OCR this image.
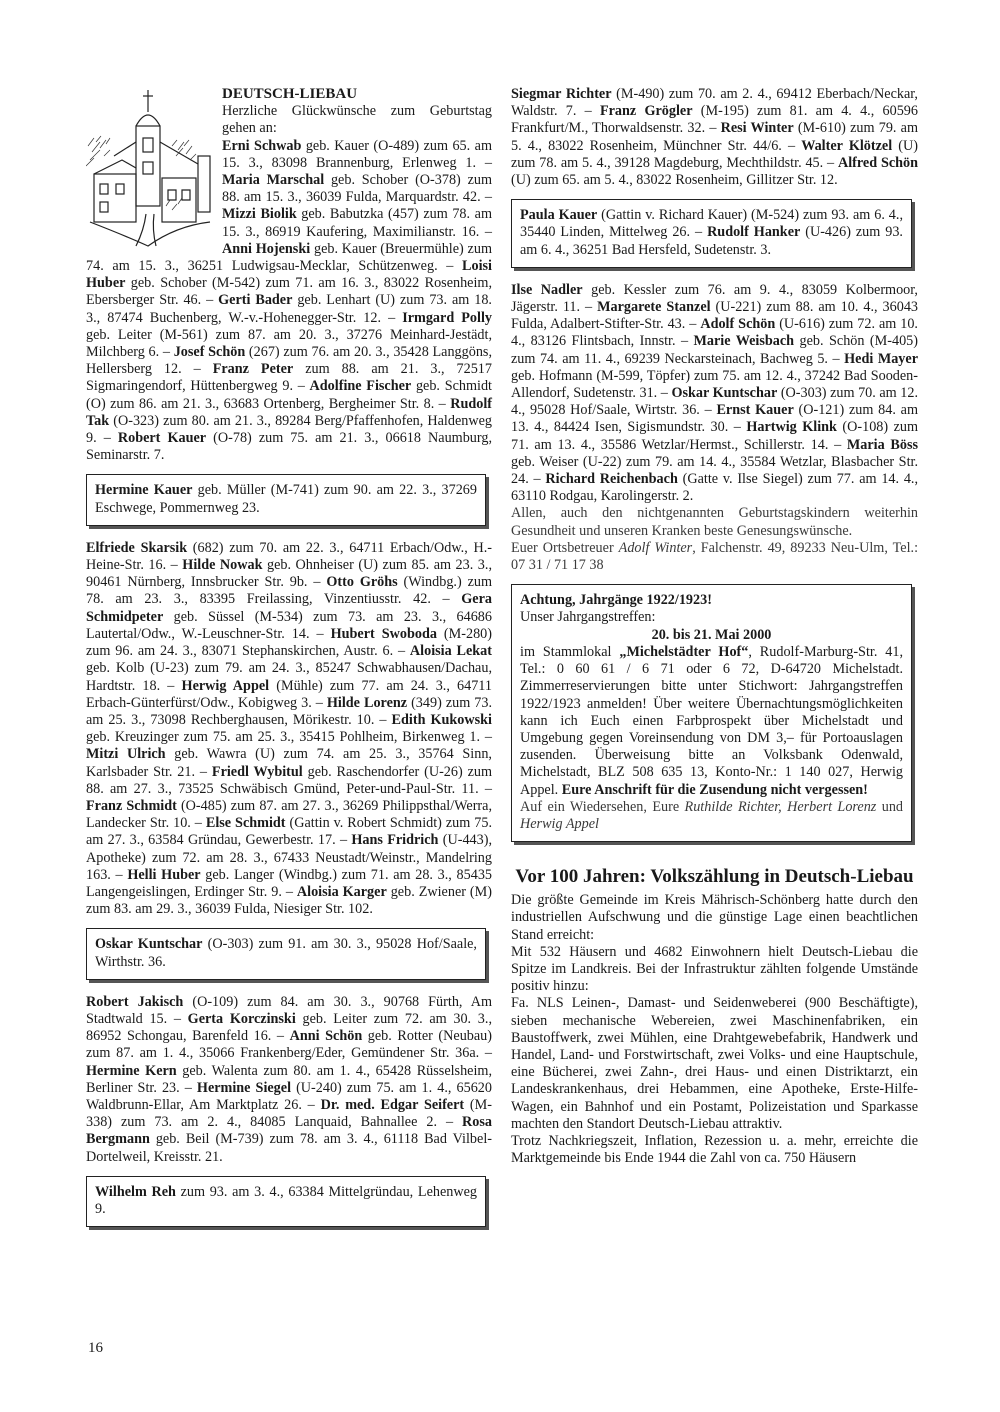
DEUTSCH-LIEBAU

Herzliche Glückwünsche zum Geburtstag gehen an:

Erni Schwab geb. Kauer (O-489) zum 65. am 15. 3., 83098 Brannenburg, Erlenweg 1. – Maria Marschal geb. Schober (O-378) zum 88. am 15. 3., 36039 Fulda, Marquardstr. 42. – Mizzi Biolik geb. Babutzka (457) zum 78. am 15. 3., 86919 Kaufering, Maximilianstr. 16. – Anni Hojenski geb. Kauer (Breuermühle) zum 74. am 15. 3., 36251 Ludwigsau-Mecklar, Schützenweg. – Loisi Huber geb. Schober (M-542) zum 71. am 16. 3., 83022 Rosenheim, Ebersberger Str. 46. – Gerti Bader geb. Lenhart (U) zum 73. am 18. 3., 87474 Buchenberg, W.-v.-Hohenegger-Str. 12. – Irmgard Polly geb. Leiter (M-561) zum 87. am 20. 3., 37276 Meinhard-Jestädt, Milchberg 6. – Josef Schön (267) zum 76. am 20. 3., 35428 Langgöns, Hellersberg 12. – Franz Peter zum 88. am 21. 3., 72517 Sigmaringendorf, Hüttenbergweg 9. – Adolfine Fischer geb. Schmidt (O) zum 86. am 21. 3., 63683 Ortenberg, Bergheimer Str. 8. – Rudolf Tak (O-323) zum 80. am 21. 3., 89284 Berg/Pfaffenhofen, Haldenweg 9. – Robert Kauer (O-78) zum 75. am 21. 3., 06618 Naumburg, Seminarstr. 7.

Hermine Kauer geb. Müller (M-741) zum 90. am 22. 3., 37269 Eschwege, Pommernweg 23.

Elfriede Skarsik (682) zum 70. am 22. 3., 64711 Erbach/Odw., H.-Heine-Str. 16. – Hilde Nowak geb. Ohnheiser (U) zum 85. am 23. 3., 90461 Nürnberg, Innsbrucker Str. 9b. – Otto Gröhs (Windbg.) zum 78. am 23. 3., 83395 Freilassing, Vinzentiusstr. 42. – Gera Schmidpeter geb. Süssel (M-534) zum 73. am 23. 3., 64686 Lautertal/Odw., W.-Leuschner-Str. 14. – Hubert Swoboda (M-280) zum 96. am 24. 3., 83071 Stephanskirchen, Austr. 6. – Aloisia Lekat geb. Kolb (U-23) zum 79. am 24. 3., 85247 Schwabhausen/Dachau, Hardtstr. 18. – Herwig Appel (Mühle) zum 77. am 24. 3., 64711 Erbach-Günterfürst/Odw., Kobigweg 3. – Hilde Lorenz (349) zum 73. am 25. 3., 73098 Rechberghausen, Mörikestr. 10. – Edith Kukowski geb. Kreuzinger zum 75. am 25. 3., 35415 Pohlheim, Birkenweg 1. – Mitzi Ulrich geb. Wawra (U) zum 74. am 25. 3., 35764 Sinn, Karlsbader Str. 21. – Friedl Wybitul geb. Raschendorfer (U-26) zum 88. am 27. 3., 73525 Schwäbisch Gmünd, Peter-und-Paul-Str. 11. – Franz Schmidt (O-485) zum 87. am 27. 3., 36269 Philippsthal/Werra, Landecker Str. 10. – Else Schmidt (Gattin v. Robert Schmidt) zum 75. am 27. 3., 63584 Gründau, Gewerbestr. 17. – Hans Fridrich (U-443), Apotheke) zum 72. am 28. 3., 67433 Neustadt/Weinstr., Mandelring 163. – Helli Huber geb. Langer (Windbg.) zum 71. am 28. 3., 85435 Langengeislingen, Erdinger Str. 9. – Aloisia Karger geb. Zwiener (M) zum 83. am 29. 3., 36039 Fulda, Niesiger Str. 102.

Oskar Kuntschar (O-303) zum 91. am 30. 3., 95028 Hof/Saale, Wirthstr. 36.

Robert Jakisch (O-109) zum 84. am 30. 3., 90768 Fürth, Am Stadtwald 15. – Gerta Korczinski geb. Leiter zum 72. am 30. 3., 86952 Schongau, Barenfeld 16. – Anni Schön geb. Rotter (Neubau) zum 87. am 1. 4., 35066 Frankenberg/Eder, Gemündener Str. 36a. – Hermine Kern geb. Walenta zum 80. am 1. 4., 65428 Rüsselsheim, Berliner Str. 23. – Hermine Siegel (U-240) zum 75. am 1. 4., 65620 Waldbrunn-Ellar, Am Marktplatz 26. – Dr. med. Edgar Seifert (M-338) zum 73. am 2. 4., 84085 Lanquaid, Bahnallee 2. – Rosa Bergmann geb. Beil (M-739) zum 78. am 3. 4., 61118 Bad Vilbel-Dortelweil, Kreisstr. 21.

Wilhelm Reh zum 93. am 3. 4., 63384 Mittelgründau, Lehenweg 9.

Siegmar Richter (M-490) zum 70. am 2. 4., 69412 Eberbach/Neckar, Waldstr. 7. – Franz Grögler (M-195) zum 81. am 4. 4., 60596 Frankfurt/M., Thorwaldsenstr. 32. – Resi Winter (M-610) zum 79. am 5. 4., 83022 Rosenheim, Münchner Str. 44/6. – Walter Klötzel (U) zum 78. am 5. 4., 39128 Magdeburg, Mechthildstr. 45. – Alfred Schön (U) zum 65. am 5. 4., 83022 Rosenheim, Gillitzer Str. 12.

Paula Kauer (Gattin v. Richard Kauer) (M-524) zum 93. am 6. 4., 35440 Linden, Mittelweg 26. – Rudolf Hanker (U-426) zum 93. am 6. 4., 36251 Bad Hersfeld, Sudetenstr. 3.

Ilse Nadler geb. Kessler zum 76. am 9. 4., 83059 Kolbermoor, Jägerstr. 11. – Margarete Stanzel (U-221) zum 88. am 10. 4., 36043 Fulda, Adalbert-Stifter-Str. 43. – Adolf Schön (U-616) zum 72. am 10. 4., 83126 Flintsbach, Innstr. – Marie Weisbach geb. Schön (M-405) zum 74. am 11. 4., 69239 Neckarsteinach, Bachweg 5. – Hedi Mayer geb. Hofmann (M-599, Töpfer) zum 75. am 12. 4., 37242 Bad Sooden-Allendorf, Sudetenstr. 31. – Oskar Kuntschar (O-303) zum 70. am 12. 4., 95028 Hof/Saale, Wirtstr. 36. – Ernst Kauer (O-121) zum 84. am 13. 4., 84424 Isen, Sigismundstr. 30. – Hartwig Klink (O-108) zum 71. am 13. 4., 35586 Wetzlar/Hermst., Schillerstr. 14. – Maria Böss geb. Weiser (U-22) zum 79. am 14. 4., 35584 Wetzlar, Blasbacher Str. 24. – Richard Reichenbach (Gatte v. Ilse Siegel) zum 77. am 14. 4., 63110 Rodgau, Karolingerstr. 2.

Allen, auch den nichtgenannten Geburtstagskindern weiterhin Gesundheit und unseren Kranken beste Genesungswünsche.

Euer Ortsbetreuer Adolf Winter, Falchenstr. 49, 89233 Neu-Ulm, Tel.: 07 31 / 71 17 38

Achtung, Jahrgänge 1922/1923!

Unser Jahrgangstreffen:

20. bis 21. Mai 2000

im Stammlokal „Michelstädter Hof“, Rudolf-Marburg-Str. 41, Tel.: 0 60 61 / 6 71 oder 6 72, D-64720 Michelstadt. Zimmerreservierungen bitte unter Stichwort: Jahrgangstreffen 1922/1923 anmelden! Über weitere Übernachtungsmöglichkeiten kann ich Euch einen Farbprospekt über Michelstadt und Umgebung gegen Voreinsendung von DM 3,– für Portoauslagen zusenden. Überweisung bitte an Volksbank Odenwald, Michelstadt, BLZ 508 635 13, Konto-Nr.: 1 140 027, Herwig Appel. Eure Anschrift für die Zusendung nicht vergessen!

Auf ein Wiedersehen, Eure Ruthilde Richter, Herbert Lorenz und Herwig Appel

Vor 100 Jahren: Volkszählung in Deutsch-Liebau

Die größte Gemeinde im Kreis Mährisch-Schönberg hatte durch den industriellen Aufschwung und die günstige Lage einen beachtlichen Stand erreicht:

Mit 532 Häusern und 4682 Einwohnern hielt Deutsch-Liebau die Spitze im Landkreis. Bei der Infrastruktur zählten folgende Umstände positiv hinzu:

Fa. NLS Leinen-, Damast- und Seidenweberei (900 Beschäftigte), sieben mechanische Webereien, zwei Maschinenfabriken, ein Baustoffwerk, zwei Mühlen, eine Drahtgewebefabrik, Handwerk und Handel, Land- und Forstwirtschaft, zwei Volks- und eine Hauptschule, eine Bücherei, zwei Zahn-, drei Haus- und einen Distriktarzt, ein Landeskrankenhaus, drei Hebammen, eine Apotheke, Erste-Hilfe-Wagen, ein Bahnhof und ein Postamt, Polizeistation und Sparkasse machten den Standort Deutsch-Liebau attraktiv.

Trotz Nachkriegszeit, Inflation, Rezession u. a. mehr, erreichte die Marktgemeinde bis Ende 1944 die Zahl von ca. 750 Häusern

16
